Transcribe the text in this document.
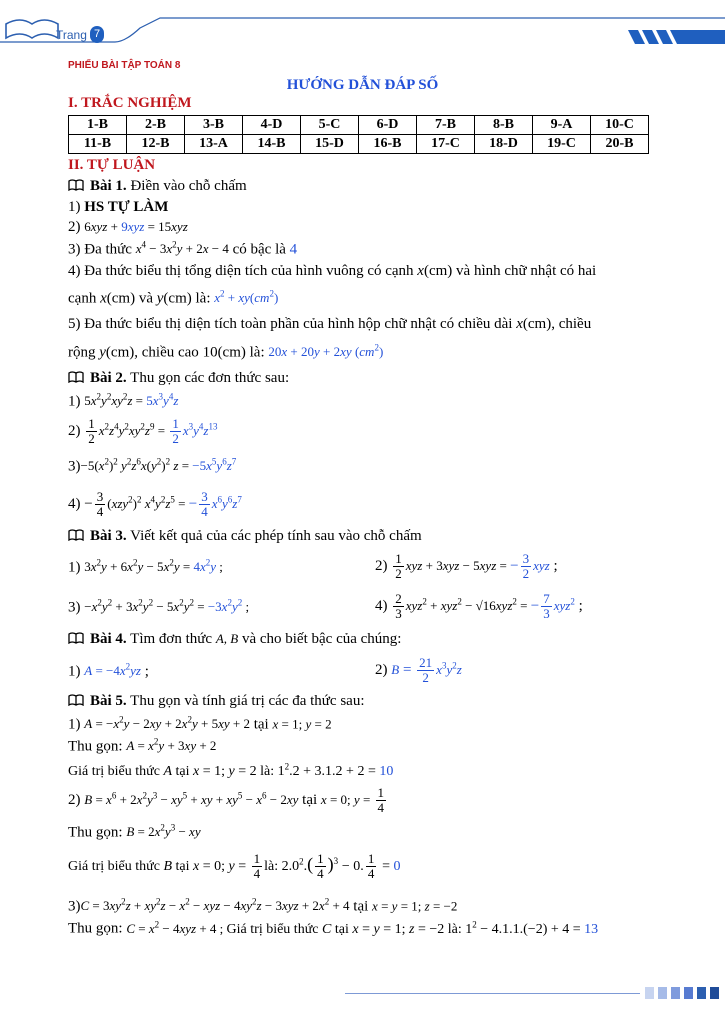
Trang 7
PHIẾU BÀI TẬP TOÁN 8
HƯỚNG DẪN ĐÁP SỐ
I. TRẮC NGHIỆM
1-B	2-B	3-B	4-D	5-C	6-D	7-B	8-B	9-A	10-C
11-B	12-B	13-A	14-B	15-D	16-B	17-C	18-D	19-C	20-B
II. TỰ LUẬN
Bài 1. Điền vào chỗ chấm
1) HS TỰ LÀM
2) 6xyz + 9xyz = 15xyz
3) Đa thức $x^4 - 3x^2y + 2x - 4$ có bậc là 4
4) Đa thức biểu thị tổng diện tích của hình vuông có cạnh x(cm) và hình chữ nhật có hai
cạnh x(cm) và y(cm) là: $x^2 + xy(cm^2)$
5) Đa thức biểu thị diện tích toàn phần của hình hộp chữ nhật có chiều dài x(cm), chiều
rộng y(cm), chiều cao 10(cm) là: 20x + 20y + 2xy $(cm^2)$
Bài 2. Thu gọn các đơn thức sau:
1) $5x^2y^2xy^2z = 5x^3y^4z$
$2) \frac{1}{2} x^2z^4y^2xy^2z^9 = \frac{1}{2} x^3y^4z^{13}$
$3)-5(x^2)^2$ $y^2z^6x(y^2)^2$ $z = -5x^5y^6z^7$
$4) - \frac{3}{4} (xzy^2)^2$ $x^4y^2z^5$ = − $\frac{3}{4} x^6y^6z^7$
Bài 3. Viết kết quả của các phép tính sau vào chỗ chấm
1) $3x^2y + 6x^2y - 5x^2y = 4x^2y$ ;	$2) \frac{1}{2}$ xyz + 3xyz − 5xyz = − $\frac{3}{2}$ xyz ;
$3) -x^2y^2 + 3x^2y^2 - 5x^2y^2 = -3x^2y^2$ ;	$4) \frac{2}{3} xyz^2 + xyz^2 - √16xyz^2$ = − $\frac{7}{3} xyz^2$ ;
Bài 4. Tìm đơn thức A, B và cho biết bậc của chúng:
1) $A = -4x^2yz$ ;	2) $B = \frac{21}{2} x^3y^2z$
Bài 5. Thu gọn và tính giá trị các đa thức sau:
1) $A = -x^2y - 2xy + 2x^2y + 5xy + 2$ tại x = 1; y = 2
Thu gọn: $A = x^2y + 3xy + 2$
Giá trị biểu thức A tại x = 1; y = 2 là: $1^2.2 + 3.1.2 + 2 = 10$
2) $B = x^6 + 2x^2y^3 - xy^5$ + xy + $xy^5 - x^6 - 2xy$ tại x = 0; $y = \frac{1}{4}$
Thu gọn: $B = 2x^2y^3$ − xy
Giá trị biểu thức B tại x = 0; $y = \frac{1}{4}$ là: $2.0^2.( \frac{1}{4} )^3 - 0$. $\frac{1}{4} = 0$
$3)C = 3xy^2z + xy^2z - x^2$ − xyz − $4xy^2z - 3xyz + 2x^2 + 4$ tại x = y = 1; z = −2
Thu gọn: $C = x^2 - 4xyz + 4$ ; Giá trị biểu thức C tại x = y = 1; z = −2 là: $1^2 - 4.1.1.(-2) + 4 = 13$
